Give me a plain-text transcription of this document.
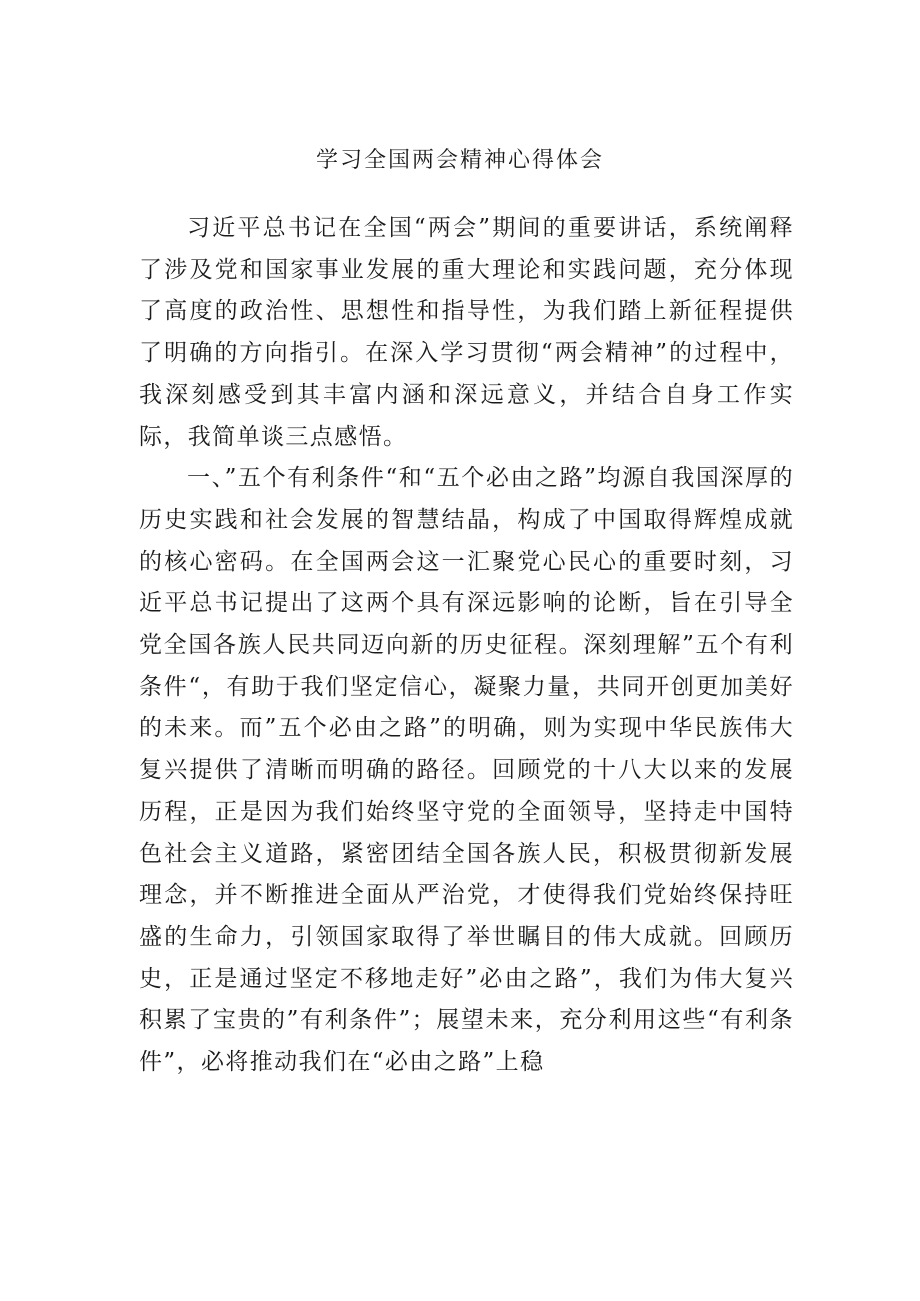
学习全国两会精神心得体会

习近平总书记在全国“两会”期间的重要讲话，系统阐释了涉及党和国家事业发展的重大理论和实践问题，充分体现了高度的政治性、思想性和指导性，为我们踏上新征程提供了明确的方向指引。在深入学习贯彻“两会精神”的过程中，我深刻感受到其丰富内涵和深远意义，并结合自身工作实际，我简单谈三点感悟。

一、”五个有利条件“和“五个必由之路”均源自我国深厚的历史实践和社会发展的智慧结晶，构成了中国取得辉煌成就的核心密码。在全国两会这一汇聚党心民心的重要时刻，习近平总书记提出了这两个具有深远影响的论断，旨在引导全党全国各族人民共同迈向新的历史征程。深刻理解”五个有利条件“，有助于我们坚定信心，凝聚力量，共同开创更加美好的未来。而”五个必由之路”的明确，则为实现中华民族伟大复兴提供了清晰而明确的路径。回顾党的十八大以来的发展历程，正是因为我们始终坚守党的全面领导，坚持走中国特色社会主义道路，紧密团结全国各族人民，积极贯彻新发展理念，并不断推进全面从严治党，才使得我们党始终保持旺盛的生命力，引领国家取得了举世瞩目的伟大成就。回顾历史，正是通过坚定不移地走好”必由之路”，我们为伟大复兴积累了宝贵的”有利条件”；展望未来，充分利用这些“有利条件”，必将推动我们在“必由之路”上稳
